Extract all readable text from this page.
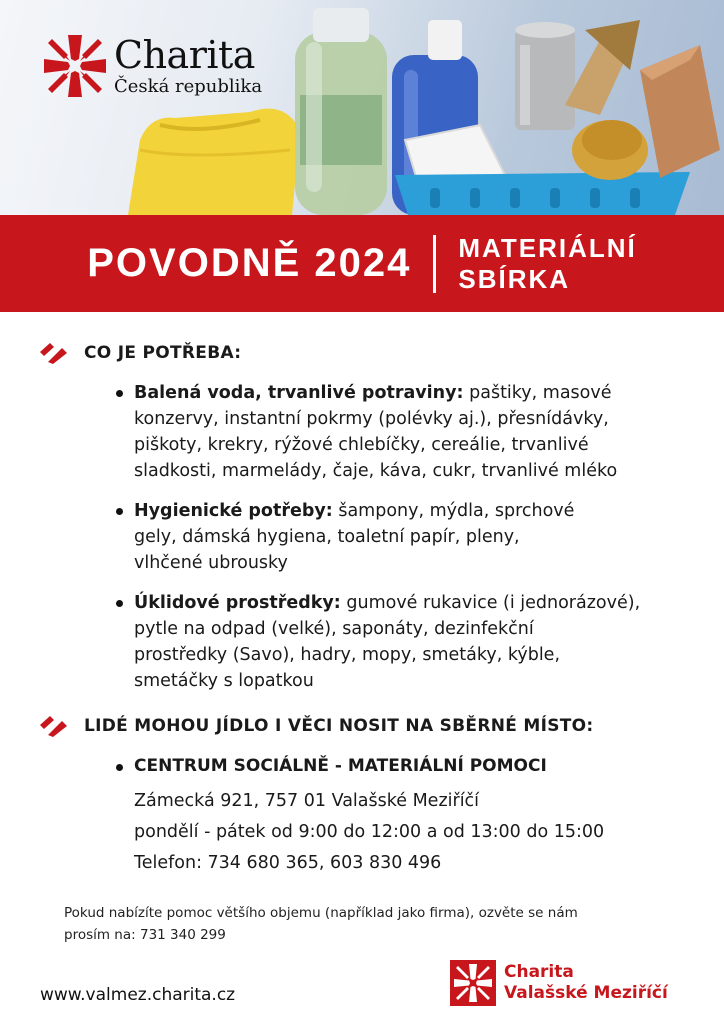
Charita
Česká republika
POVODNĚ 2024 MATERIÁLNÍ
SBÍRKA
CO JE POTŘEBA:
Balená voda, trvanlivé potraviny: paštiky, masové
konzervy, instantní pokrmy (polévky aj.), přesnídávky,
piškoty, krekry, rýžové chlebíčky, cereálie, trvanlivé
sladkosti, marmelády, čaje, káva, cukr, trvanlivé mléko
Hygienické potřeby: šampony, mýdla, sprchové
gely, dámská hygiena, toaletní papír, pleny,
vlhčené ubrousky
Úklidové prostředky: gumové rukavice (i jednorázové),
pytle na odpad (velké), saponáty, dezinfekční
prostředky (Savo), hadry, mopy, smetáky, kýble,
smetáčky s lopatkou
LIDÉ MOHOU JÍDLO I VĚCI NOSIT NA SBĚRNÉ MÍSTO:
CENTRUM SOCIÁLNĚ - MATERIÁLNÍ POMOCI
Zámecká 921, 757 01 Valašské Meziříčí
pondělí - pátek od 9:00 do 12:00 a od 13:00 do 15:00
Telefon: 734 680 365, 603 830 496
Pokud nabízíte pomoc většího objemu (například jako firma), ozvěte se nám
prosím na: 731 340 299
www.valmez.charita.cz
Charita
Valašské Meziříčí
